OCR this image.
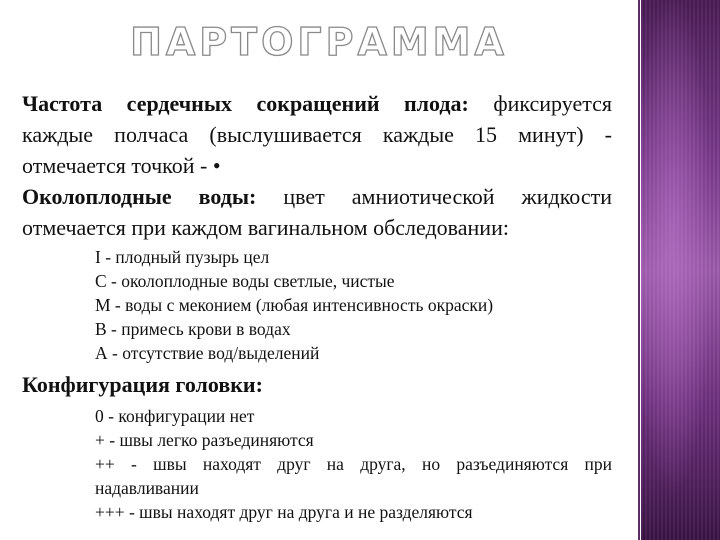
ПАРТОГРАММА

Частота сердечных сокращений плода: фиксируется каждые полчаса (выслушивается каждые 15 минут) - отмечается точкой - •

Околоплодные воды: цвет амниотической жидкости отмечается при каждом вагинальном обследовании:

I - плодный пузырь цел
С - околоплодные воды светлые, чистые
М - воды с меконием (любая интенсивность окраски)
В - примесь крови в водах
А - отсутствие вод/выделений
Конфигурация головки:
0 - конфигурации нет
+ - швы легко разъединяются
++ - швы находят друг на друга, но разъединяются при надавливании
+++ - швы находят друг на друга и не разделяются
